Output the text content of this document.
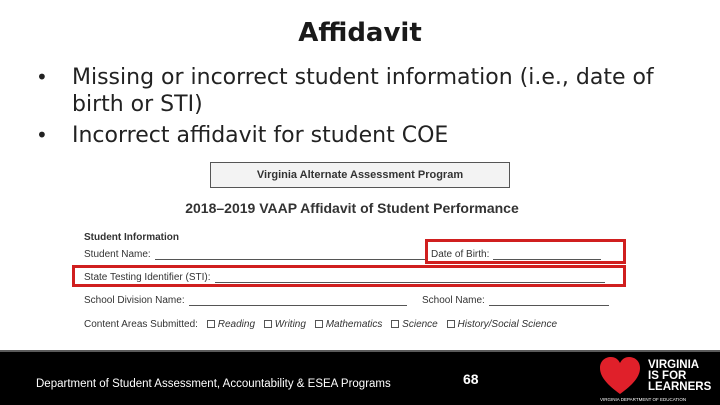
Affidavit
• Missing or incorrect student information (i.e., date of birth or STI)
• Incorrect affidavit for student COE
Virginia Alternate Assessment Program
2018–2019 VAAP Affidavit of Student Performance
Student Information
Student Name:	Date of Birth:
State Testing Identifier (STI):
School Division Name:	School Name:
Content Areas Submitted: Reading Writing Mathematics Science History/Social Science
Department of Student Assessment, Accountability & ESEA Programs	68
VIRGINIA
IS FOR
LEARNERS
VIRGINIA DEPARTMENT OF EDUCATION
